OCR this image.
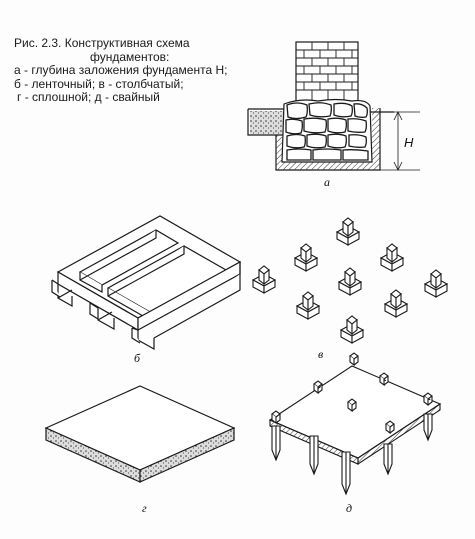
Рис. 2.3. Конструктивная схема
фундаментов:
а - глубина заложения фундамента Н;
б - ленточный; в - столбчатый;
г - сплошной; д - свайный
H
а
б	в
г	д
